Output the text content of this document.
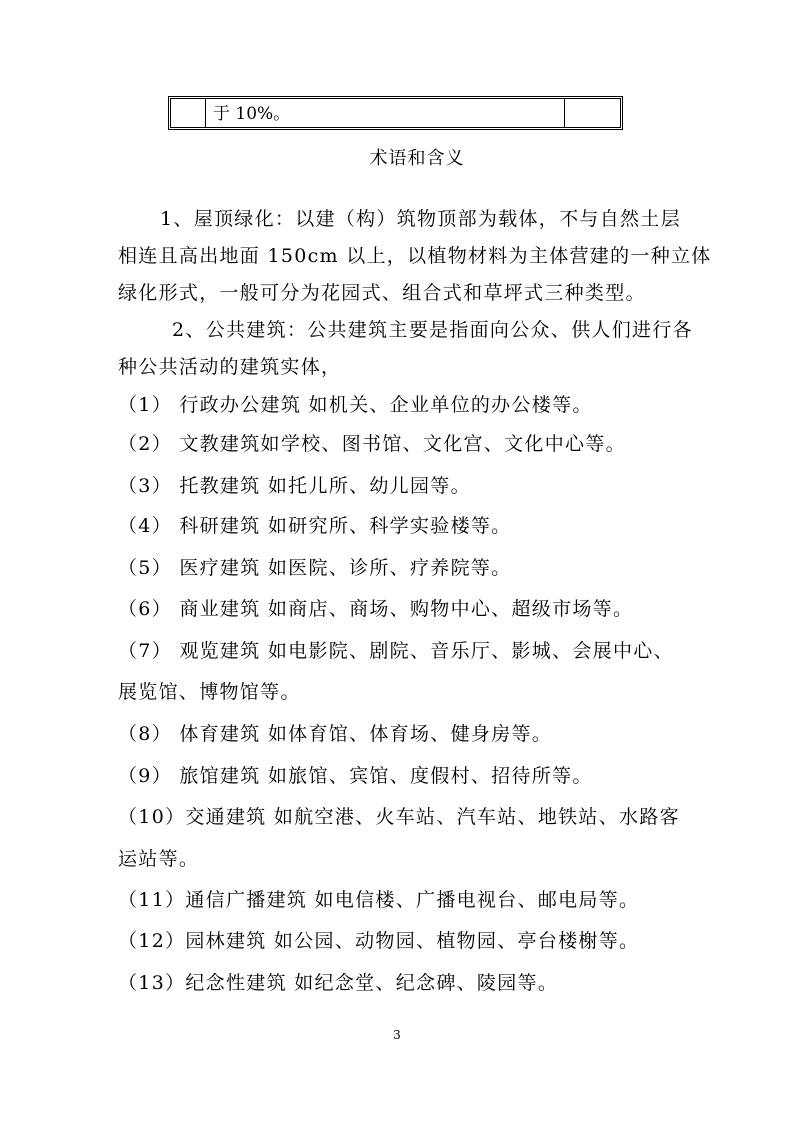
于 10%。
术语和含义
1、屋顶绿化：以建（构）筑物顶部为载体，不与自然土层
相连且高出地面 150cm 以上，以植物材料为主体营建的一种立体
绿化形式，一般可分为花园式、组合式和草坪式三种类型。
2、公共建筑：公共建筑主要是指面向公众、供人们进行各
种公共活动的建筑实体，
（1） 行政办公建筑 如机关、企业单位的办公楼等。
（2） 文教建筑如学校、图书馆、文化宫、文化中心等。
（3） 托教建筑 如托儿所、幼儿园等。
（4） 科研建筑 如研究所、科学实验楼等。
（5） 医疗建筑 如医院、诊所、疗养院等。
（6） 商业建筑 如商店、商场、购物中心、超级市场等。
（7） 观览建筑 如电影院、剧院、音乐厅、影城、会展中心、
展览馆、博物馆等。
（8） 体育建筑 如体育馆、体育场、健身房等。
（9） 旅馆建筑 如旅馆、宾馆、度假村、招待所等。
（10）交通建筑 如航空港、火车站、汽车站、地铁站、水路客
运站等。
（11）通信广播建筑 如电信楼、广播电视台、邮电局等。
（12）园林建筑 如公园、动物园、植物园、亭台楼榭等。
（13）纪念性建筑 如纪念堂、纪念碑、陵园等。
3
